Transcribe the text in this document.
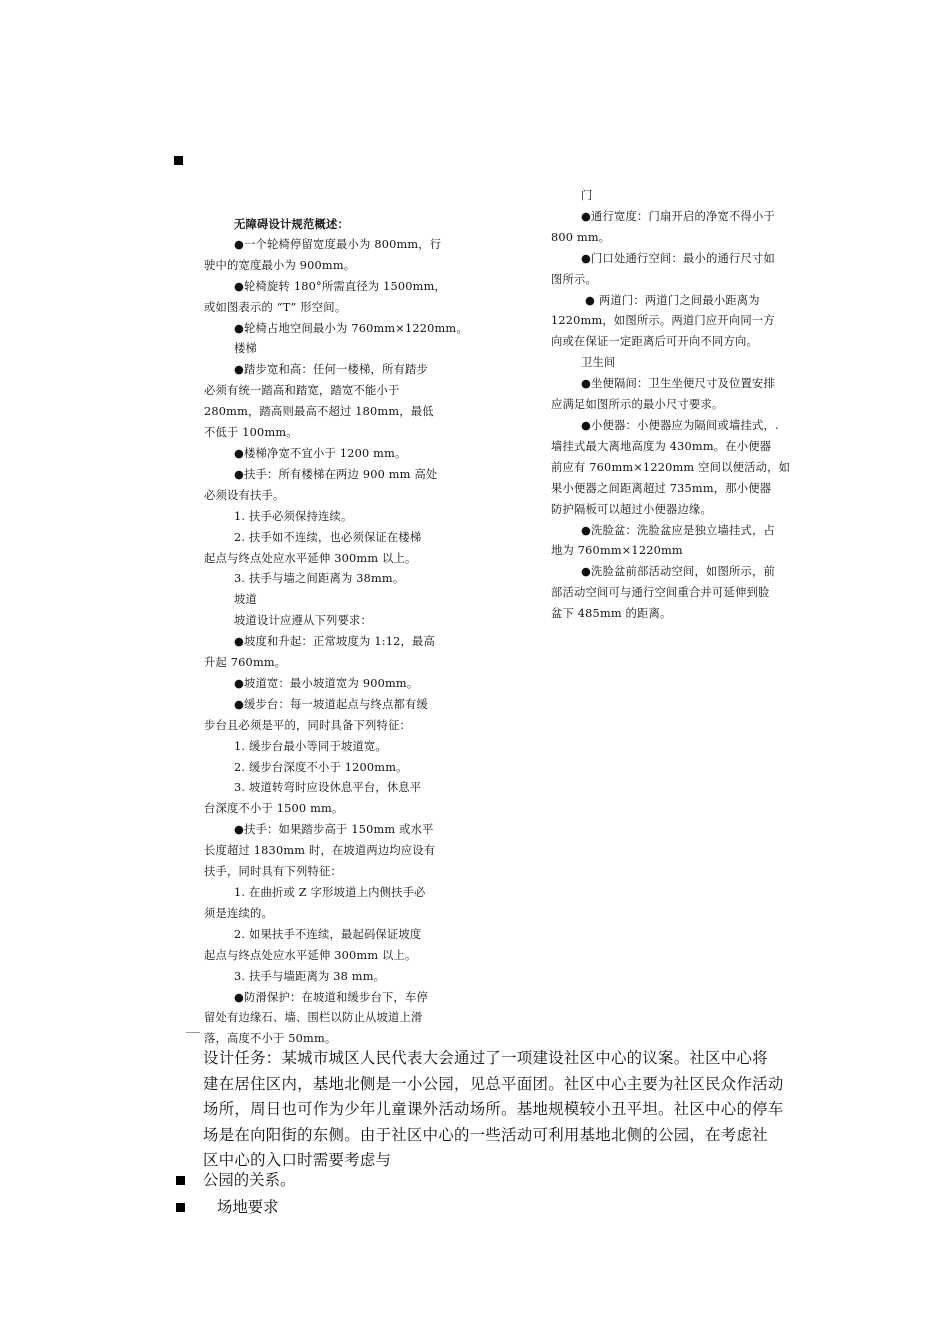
无障碍设计规范概述：

●一个轮椅停留宽度最小为 800mm，行

驶中的宽度最小为 900mm。

●轮椅旋转 180°所需直径为 1500mm，

或如图表示的 “T” 形空间。

●轮椅占地空间最小为 760mm×1220mm。

楼梯

●踏步宽和高：任何一楼梯，所有踏步

必须有统一踏高和踏宽，踏宽不能小于

280mm，踏高则最高不超过 180mm，最低

不低于 100mm。

●楼梯净宽不宜小于 1200 mm。

●扶手：所有楼梯在两边 900 mm 高处

必须设有扶手。

1. 扶手必须保持连续。

2. 扶手如不连续，也必须保证在楼梯

起点与终点处应水平延伸 300mm 以上。

3. 扶手与墙之间距离为 38mm。

坡道

坡道设计应遵从下列要求：

●坡度和升起：正常坡度为 1:12，最高

升起 760mm。

●坡道宽：最小坡道宽为 900mm。

●缓步台：每一坡道起点与终点都有缓

步台且必须是平的，同时具备下列特征：

1. 缓步台最小等同于坡道宽。

2. 缓步台深度不小于 1200mm。

3. 坡道转弯时应设休息平台，休息平

台深度不小于 1500 mm。

●扶手：如果踏步高于 150mm 或水平

长度超过 1830mm 时，在坡道两边均应设有

扶手，同时具有下列特征：

1. 在曲折或 Z 字形坡道上内侧扶手必

须是连续的。

2. 如果扶手不连续，最起码保证坡度

起点与终点处应水平延伸 300mm 以上。

3. 扶手与墙距离为 38 mm。

●防滑保护：在坡道和缓步台下，车停

留处有边缘石、墙、围栏以防止从坡道上滑

落，高度不小于 50mm。

门

●通行宽度：门扇开启的净宽不得小于

800 mm。

●门口处通行空间：最小的通行尺寸如

图所示。

● 两道门：两道门之间最小距离为

1220mm，如图所示。两道门应开向同一方

向或在保证一定距离后可开向不同方向。

卫生间

●坐便隔间：卫生坐便尺寸及位置安排

应满足如图所示的最小尺寸要求。

●小便器：小便器应为隔间或墙挂式，.

墙挂式最大离地高度为 430mm。在小便器

前应有 760mm×1220mm 空间以便活动，如

果小便器之间距离超过 735mm，那小便器

防护隔板可以超过小便器边缘。

●洗脸盆：洗脸盆应是独立墙挂式，占

地为 760mm×1220mm

●洗脸盆前部活动空间，如图所示，前

部活动空间可与通行空间重合并可延伸到脸

盆下 485mm 的距离。

设计任务：某城市城区人民代表大会通过了一项建设社区中心的议案。社区中心将

建在居住区内，基地北侧是一小公园，见总平面团。社区中心主要为社区民众作活动

场所，周日也可作为少年儿童课外活动场所。基地规模较小丑平坦。社区中心的停车

场是在向阳街的东侧。由于社区中心的一些活动可利用基地北侧的公园，在考虑社

区中心的入口时需要考虑与

公园的关系。
场地要求
